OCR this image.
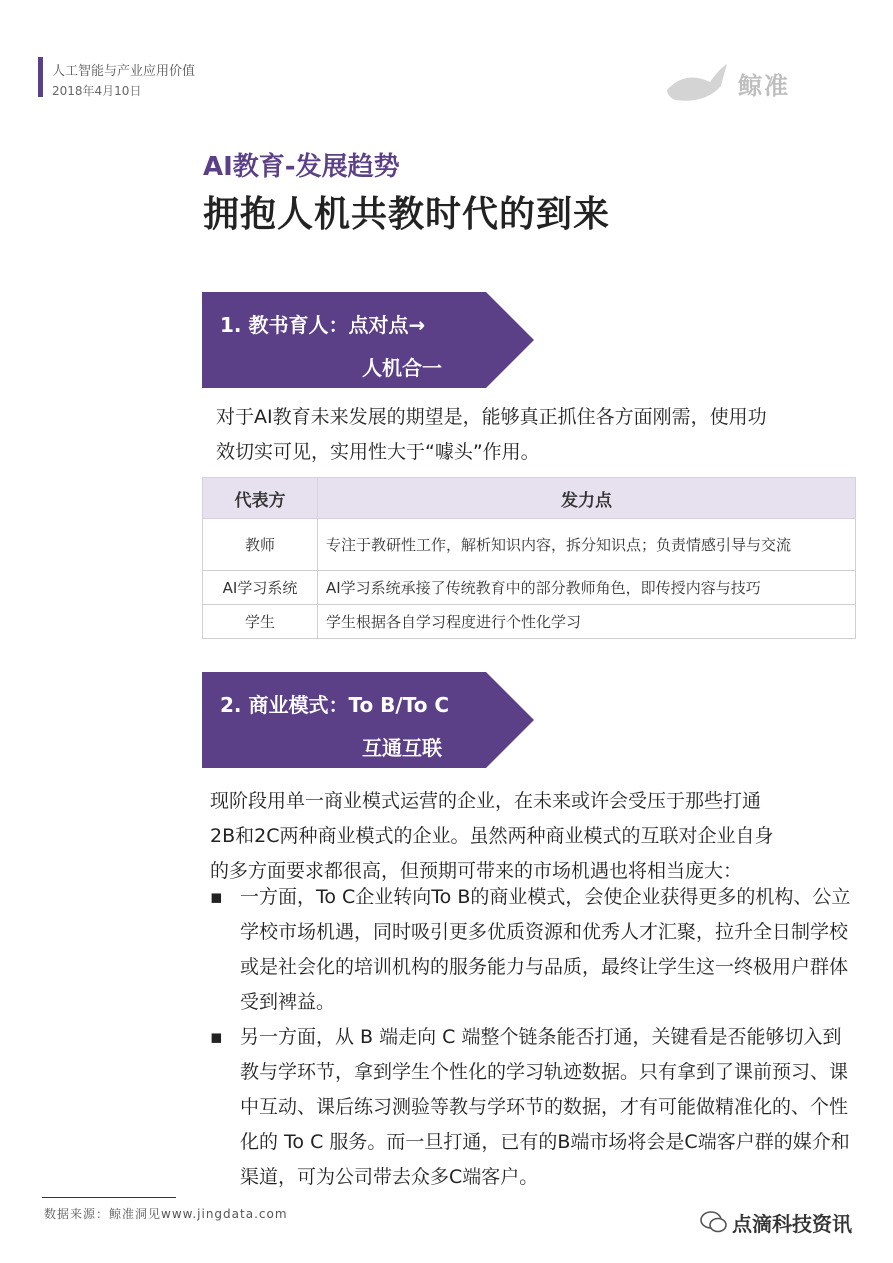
人工智能与产业应用价值
2018年4月10日	鲸准
AI教育-发展趋势
拥抱人机共教时代的到来
1. 教书育人：点对点→
人机合一
对于AI教育未来发展的期望是，能够真正抓住各方面刚需，使用功
效切实可见，实用性大于“噱头”作用。
代表方	发力点
教师	专注于教研性工作，解析知识内容，拆分知识点；负责情感引导与交流
AI学习系统	AI学习系统承接了传统教育中的部分教师角色，即传授内容与技巧
学生	学生根据各自学习程度进行个性化学习
2. 商业模式：To B/To C
互通互联
现阶段用单一商业模式运营的企业，在未来或许会受压于那些打通
2B和2C两种商业模式的企业。虽然两种商业模式的互联对企业自身
的多方面要求都很高，但预期可带来的市场机遇也将相当庞大：
▪ 一方面，To C企业转向To B的商业模式，会使企业获得更多的机构、公立学校市场机遇，同时吸引更多优质资源和优秀人才汇聚，拉升全日制学校或是社会化的培训机构的服务能力与品质，最终让学生这一终极用户群体受到裨益。
▪ 另一方面，从 B 端走向 C 端整个链条能否打通，关键看是否能够切入到教与学环节，拿到学生个性化的学习轨迹数据。只有拿到了课前预习、课中互动、课后练习测验等教与学环节的数据，才有可能做精准化的、个性化的 To C 服务。而一旦打通，已有的B端市场将会是C端客户群的媒介和渠道，可为公司带去众多C端客户。
数据来源：鲸准洞见www.jingdata.com	点滴科技资讯
